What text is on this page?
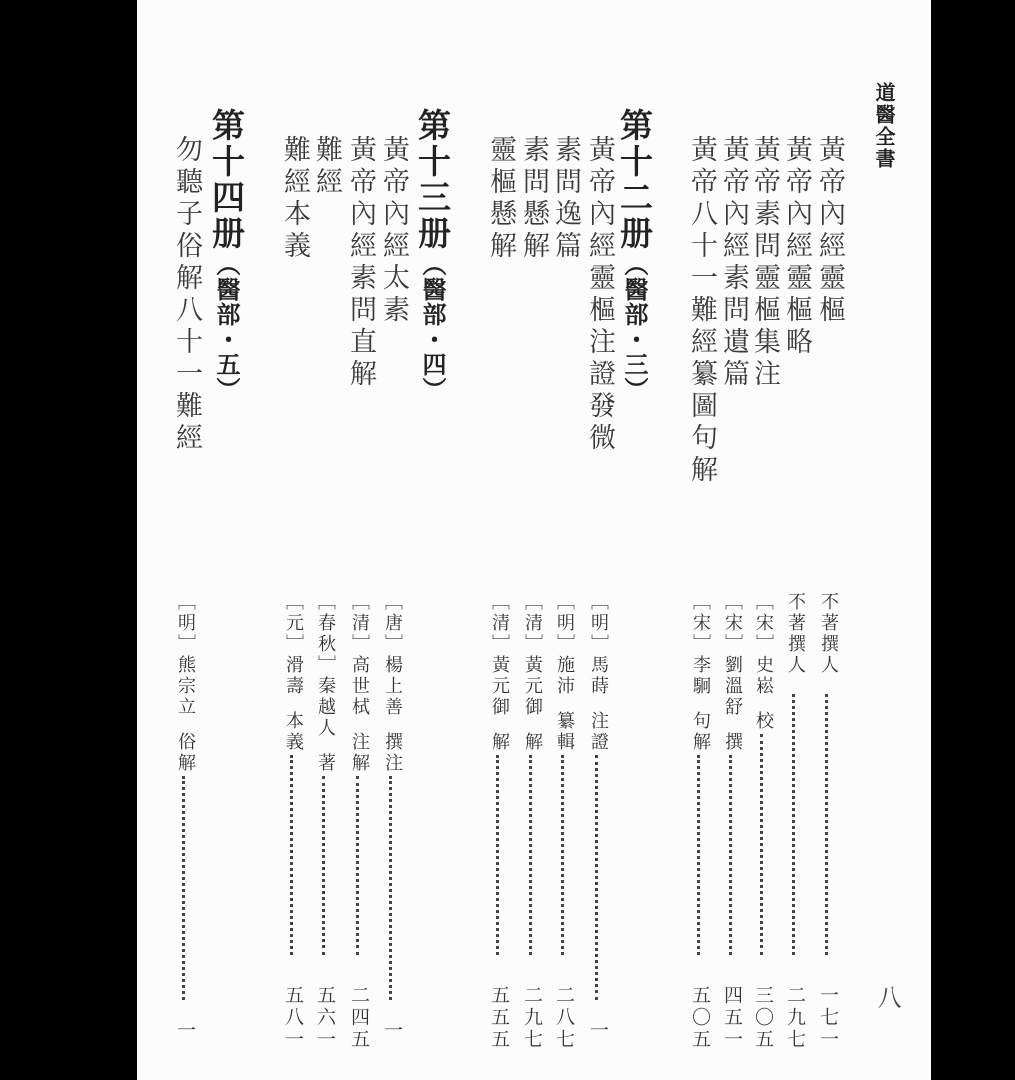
道醫全書
八
黃帝內經靈樞
不著撰人
一七一
黃帝內經靈樞略
不著撰人
二九七
黃帝素問靈樞集注
［宋］史崧校
三〇五
黃帝內經素問遺篇
［宋］劉溫舒撰
四五一
黃帝八十一難經纂圖句解
［宋］李駉句解
五〇五
第十二册（醫部・三）
黃帝內經靈樞注證發微
［明］馬蒔注證
一
素問逸篇
［明］施沛纂輯
二八七
素問懸解
［清］黃元御解
二九七
靈樞懸解
［清］黃元御解
五五五
第十三册（醫部・四）
黃帝內經太素
［唐］楊上善撰注
一
黃帝內經素問直解
［清］高世栻注解
二四五
難經
［春秋］秦越人著
五六一
難經本義
［元］滑壽本義
五八一
第十四册（醫部・五）
勿聽子俗解八十一難經
［明］熊宗立俗解
一
